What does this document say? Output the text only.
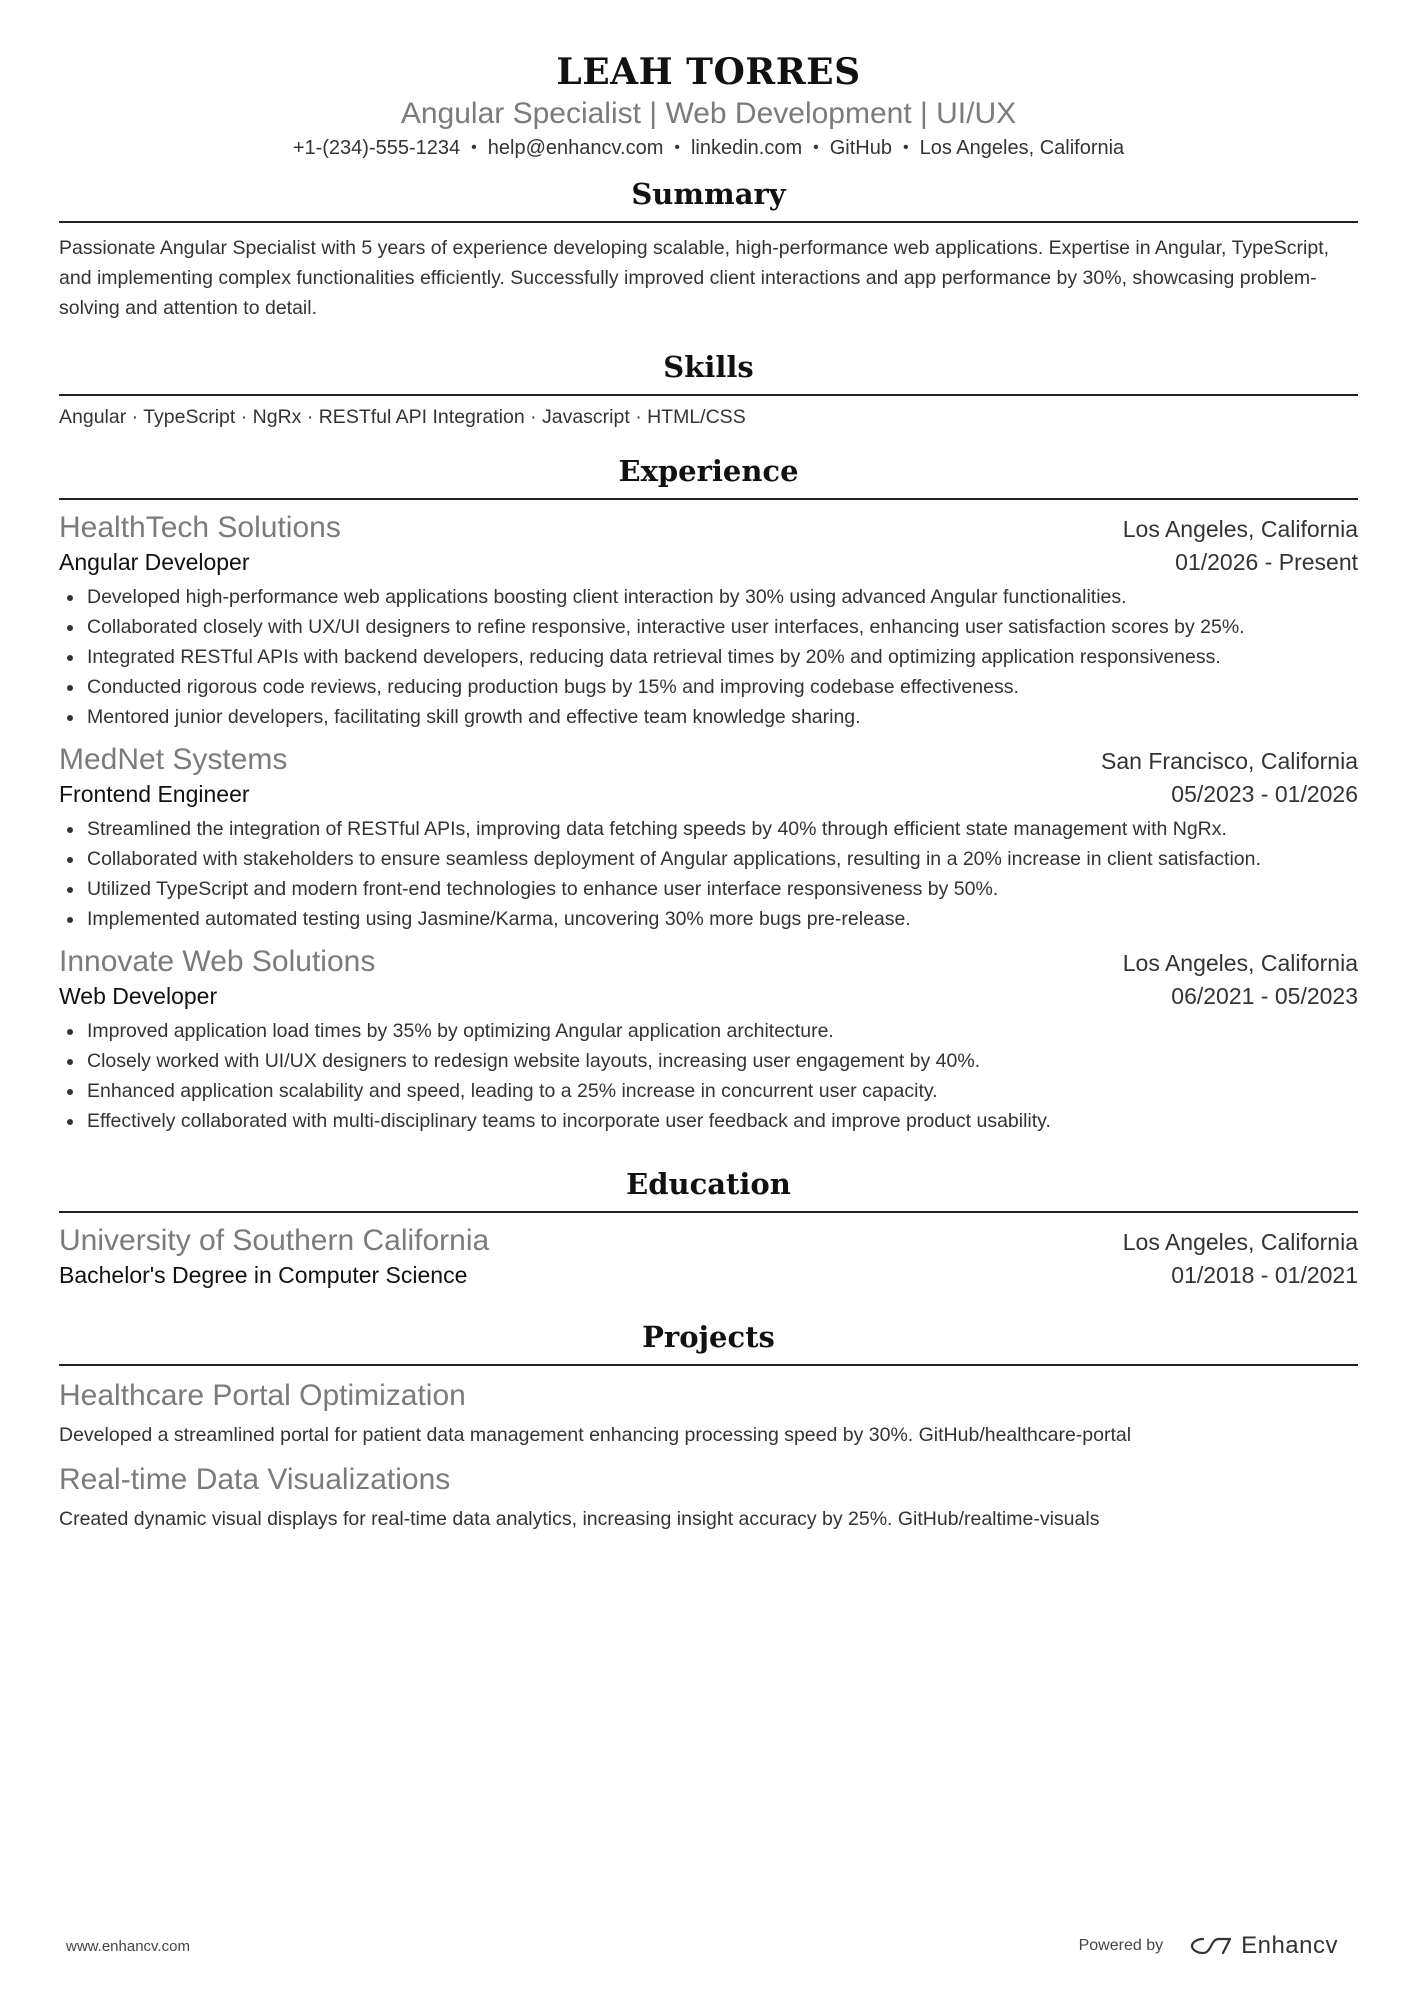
LEAH TORRES
Angular Specialist | Web Development | UI/UX
+1-(234)-555-1234 • help@enhancv.com • linkedin.com • GitHub • Los Angeles, California
Summary
Passionate Angular Specialist with 5 years of experience developing scalable, high-performance web applications. Expertise in Angular, TypeScript, and implementing complex functionalities efficiently. Successfully improved client interactions and app performance by 30%, showcasing problem-solving and attention to detail.
Skills
Angular · TypeScript · NgRx · RESTful API Integration · Javascript · HTML/CSS
Experience
HealthTech Solutions	Los Angeles, California
Angular Developer	01/2026 - Present
Developed high-performance web applications boosting client interaction by 30% using advanced Angular functionalities.
Collaborated closely with UX/UI designers to refine responsive, interactive user interfaces, enhancing user satisfaction scores by 25%.
Integrated RESTful APIs with backend developers, reducing data retrieval times by 20% and optimizing application responsiveness.
Conducted rigorous code reviews, reducing production bugs by 15% and improving codebase effectiveness.
Mentored junior developers, facilitating skill growth and effective team knowledge sharing.
MedNet Systems	San Francisco, California
Frontend Engineer	05/2023 - 01/2026
Streamlined the integration of RESTful APIs, improving data fetching speeds by 40% through efficient state management with NgRx.
Collaborated with stakeholders to ensure seamless deployment of Angular applications, resulting in a 20% increase in client satisfaction.
Utilized TypeScript and modern front-end technologies to enhance user interface responsiveness by 50%.
Implemented automated testing using Jasmine/Karma, uncovering 30% more bugs pre-release.
Innovate Web Solutions	Los Angeles, California
Web Developer	06/2021 - 05/2023
Improved application load times by 35% by optimizing Angular application architecture.
Closely worked with UI/UX designers to redesign website layouts, increasing user engagement by 40%.
Enhanced application scalability and speed, leading to a 25% increase in concurrent user capacity.
Effectively collaborated with multi-disciplinary teams to incorporate user feedback and improve product usability.
Education
University of Southern California	Los Angeles, California
Bachelor's Degree in Computer Science	01/2018 - 01/2021
Projects
Healthcare Portal Optimization
Developed a streamlined portal for patient data management enhancing processing speed by 30%. GitHub/healthcare-portal
Real-time Data Visualizations
Created dynamic visual displays for real-time data analytics, increasing insight accuracy by 25%. GitHub/realtime-visuals
www.enhancv.com	Powered by	Enhancv
